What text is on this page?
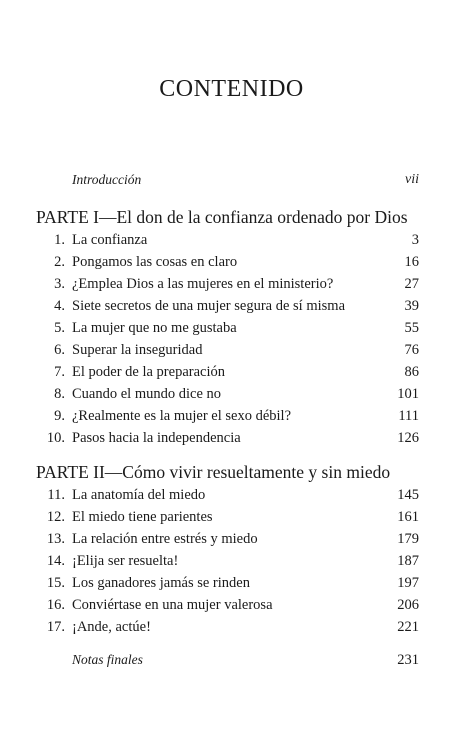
CONTENIDO
Introducción	vii
PARTE I—El don de la confianza ordenado por Dios
1. La confianza	3
2. Pongamos las cosas en claro	16
3. ¿Emplea Dios a las mujeres en el ministerio?	27
4. Siete secretos de una mujer segura de sí misma	39
5. La mujer que no me gustaba	55
6. Superar la inseguridad	76
7. El poder de la preparación	86
8. Cuando el mundo dice no	101
9. ¿Realmente es la mujer el sexo débil?	111
10. Pasos hacia la independencia	126
PARTE II—Cómo vivir resueltamente y sin miedo
11. La anatomía del miedo	145
12. El miedo tiene parientes	161
13. La relación entre estrés y miedo	179
14. ¡Elija ser resuelta!	187
15. Los ganadores jamás se rinden	197
16. Conviértase en una mujer valerosa	206
17. ¡Ande, actúe!	221
Notas finales	231
